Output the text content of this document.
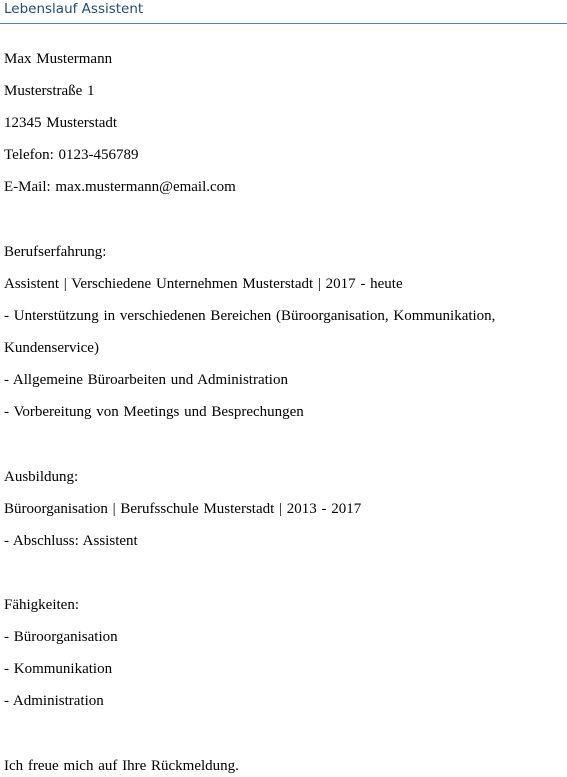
Lebenslauf Assistent
Max Mustermann
Musterstraße 1
12345 Musterstadt
Telefon: 0123-456789
E-Mail: max.mustermann@email.com
Berufserfahrung:
Assistent | Verschiedene Unternehmen Musterstadt | 2017 - heute
- Unterstützung in verschiedenen Bereichen (Büroorganisation, Kommunikation,
Kundenservice)
- Allgemeine Büroarbeiten und Administration
- Vorbereitung von Meetings und Besprechungen
Ausbildung:
Büroorganisation | Berufsschule Musterstadt | 2013 - 2017
- Abschluss: Assistent
Fähigkeiten:
- Büroorganisation
- Kommunikation
- Administration
Ich freue mich auf Ihre Rückmeldung.
